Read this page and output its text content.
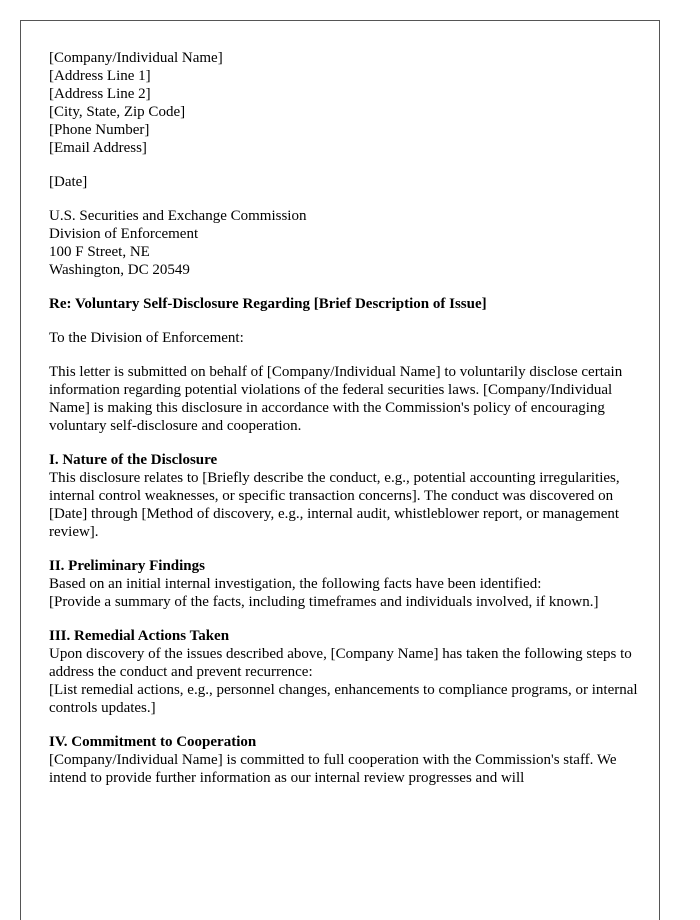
[Company/Individual Name]
[Address Line 1]
[Address Line 2]
[City, State, Zip Code]
[Phone Number]
[Email Address]
[Date]
U.S. Securities and Exchange Commission
Division of Enforcement
100 F Street, NE
Washington, DC 20549
Re: Voluntary Self-Disclosure Regarding [Brief Description of Issue]

To the Division of Enforcement:

This letter is submitted on behalf of [Company/Individual Name] to voluntarily disclose certain information regarding potential violations of the federal securities laws. [Company/Individual Name] is making this disclosure in accordance with the Commission's policy of encouraging voluntary self-disclosure and cooperation.

I. Nature of the Disclosure

This disclosure relates to [Briefly describe the conduct, e.g., potential accounting irregularities, internal control weaknesses, or specific transaction concerns]. The conduct was discovered on [Date] through [Method of discovery, e.g., internal audit, whistleblower report, or management review].

II. Preliminary Findings

Based on an initial internal investigation, the following facts have been identified:

[Provide a summary of the facts, including timeframes and individuals involved, if known.]

III. Remedial Actions Taken

Upon discovery of the issues described above, [Company Name] has taken the following steps to address the conduct and prevent recurrence:

[List remedial actions, e.g., personnel changes, enhancements to compliance programs, or internal controls updates.]

IV. Commitment to Cooperation

[Company/Individual Name] is committed to full cooperation with the Commission's staff. We intend to provide further information as our internal review progresses and will
